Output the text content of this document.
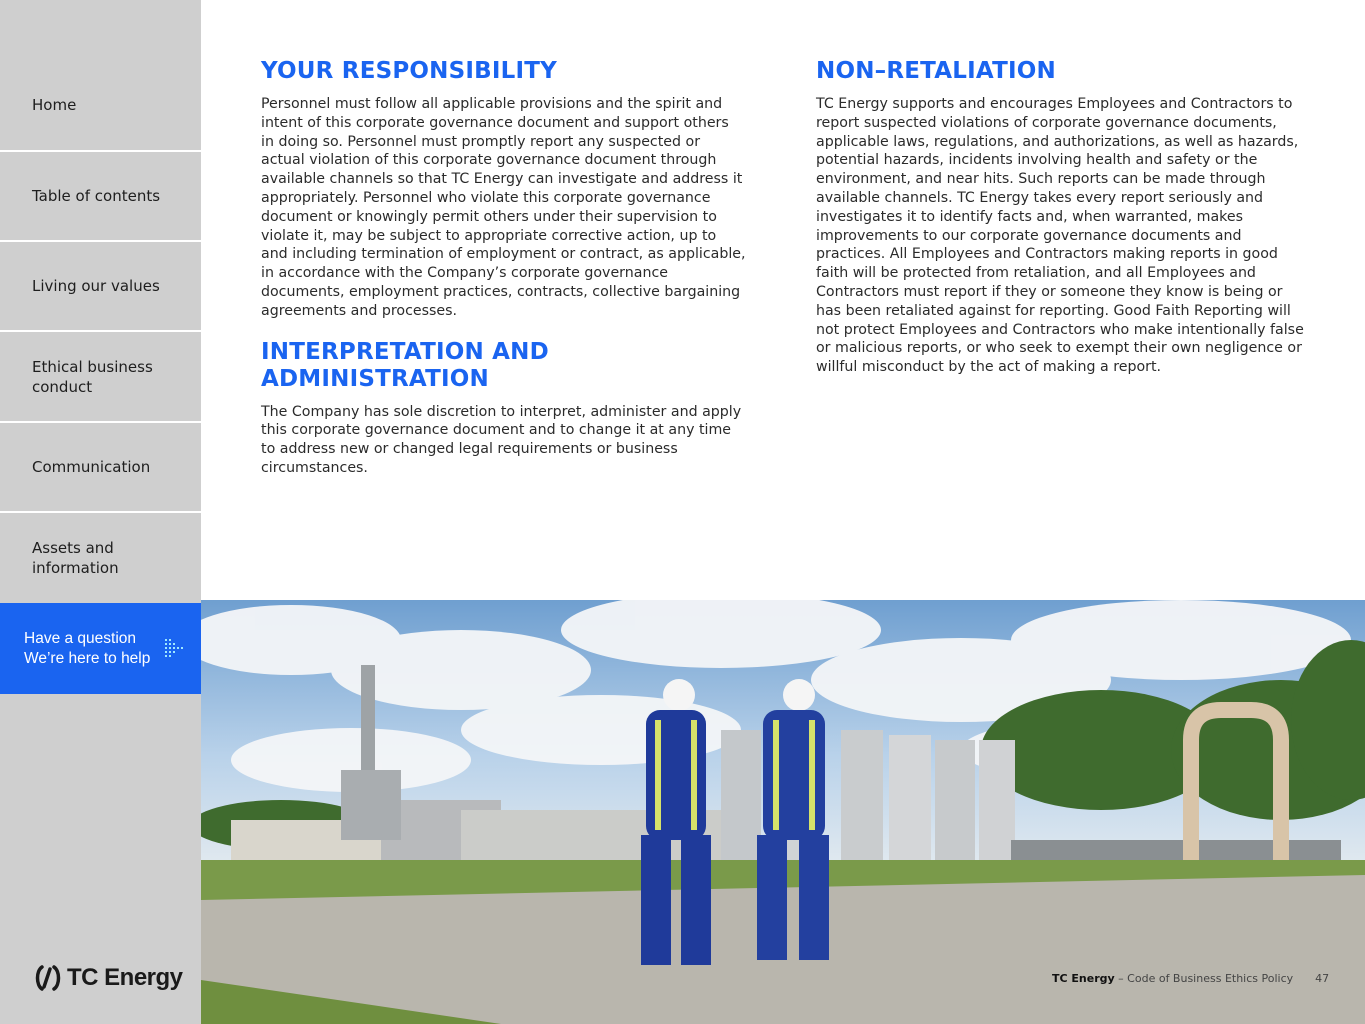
Home
Table of contents
Living our values
Ethical business conduct
Communication
Assets and information
Have a question
We’re here to help
TC Energy
YOUR RESPONSIBILITY

Personnel must follow all applicable provisions and the spirit and intent of this corporate governance document and support others in doing so. Personnel must promptly report any suspected or actual violation of this corporate governance document through available channels so that TC Energy can investigate and address it appropriately. Personnel who violate this corporate governance document or knowingly permit others under their supervision to violate it, may be subject to appropriate corrective action, up to and including termination of employment or contract, as applicable, in accordance with the Company’s corporate governance documents, employment practices, contracts, collective bargaining agreements and processes.

INTERPRETATION AND ADMINISTRATION

The Company has sole discretion to interpret, administer and apply this corporate governance document and to change it at any time to address new or changed legal requirements or business circumstances.

NON–RETALIATION

TC Energy supports and encourages Employees and Contractors to report suspected violations of corporate governance documents, applicable laws, regulations, and authorizations, as well as hazards, potential hazards, incidents involving health and safety or the environment, and near hits. Such reports can be made through available channels. TC Energy takes every report seriously and investigates it to identify facts and, when warranted, makes improvements to our corporate governance documents and practices. All Employees and Contractors making reports in good faith will be protected from retaliation, and all Employees and Contractors must report if they or someone they know is being or has been retaliated against for reporting. Good Faith Reporting will not protect Employees and Contractors who make intentionally false or malicious reports, or who seek to exempt their own negligence or willful misconduct by the act of making a report.

TC Energy – Code of Business Ethics Policy 47
